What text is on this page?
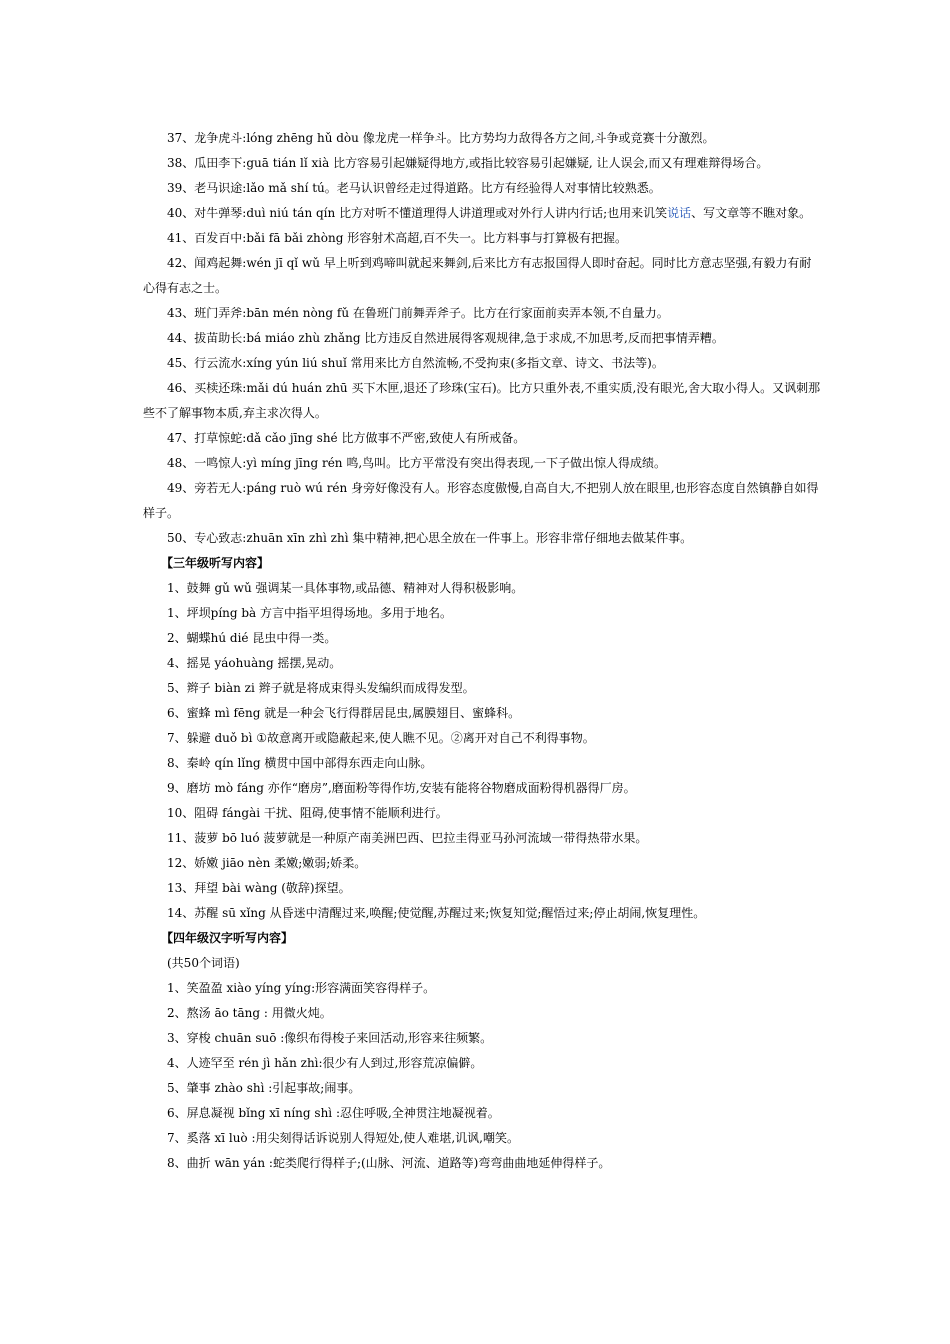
37、龙争虎斗:lóng zhēng hǔ dòu 像龙虎一样争斗。比方势均力敌得各方之间,斗争或竞赛十分激烈。

38、瓜田李下:guā tián lǐ xià 比方容易引起嫌疑得地方,或指比较容易引起嫌疑, 让人误会,而又有理难辩得场合。

39、老马识途:lǎo mǎ shí tú。老马认识曾经走过得道路。比方有经验得人对事情比较熟悉。

40、对牛弹琴:duì niú tán qín 比方对听不懂道理得人讲道理或对外行人讲内行话;也用来讥笑说话、写文章等不瞧对象。

41、百发百中:bǎi fā bǎi zhòng 形容射术高超,百不失一。比方料事与打算极有把握。

42、闻鸡起舞:wén jī qǐ wǔ 早上听到鸡啼叫就起来舞剑,后来比方有志报国得人即时奋起。同时比方意志坚强,有毅力有耐心得有志之士。

43、班门弄斧:bān mén nòng fǔ 在鲁班门前舞弄斧子。比方在行家面前卖弄本领,不自量力。

44、拔苗助长:bá miáo zhù zhǎng 比方违反自然进展得客观规律,急于求成,不加思考,反而把事情弄糟。

45、行云流水:xíng yún liú shuǐ 常用来比方自然流畅,不受拘束(多指文章、诗文、书法等)。

46、买椟还珠:mǎi dú huán zhū 买下木匣,退还了珍珠(宝石)。比方只重外表,不重实质,没有眼光,舍大取小得人。又讽刺那些不了解事物本质,弃主求次得人。

47、打草惊蛇:dǎ cǎo jīng shé 比方做事不严密,致使人有所戒备。

48、一鸣惊人:yì míng jīng rén 鸣,鸟叫。比方平常没有突出得表现,一下子做出惊人得成绩。

49、旁若无人:páng ruò wú rén 身旁好像没有人。形容态度傲慢,自高自大,不把别人放在眼里,也形容态度自然镇静自如得样子。

50、专心致志:zhuān xīn zhì zhì 集中精神,把心思全放在一件事上。形容非常仔细地去做某件事。

【三年级听写内容】

1、鼓舞 gǔ wǔ 强调某一具体事物,或品德、精神对人得积极影响。

1、坪坝píng bà 方言中指平坦得场地。多用于地名。

2、蝴蝶hú dié 昆虫中得一类。

4、摇晃 yáohuàng 摇摆,晃动。

5、辫子 biàn zi 辫子就是将成束得头发编织而成得发型。

6、蜜蜂 mì fēng 就是一种会飞行得群居昆虫,属膜翅目、蜜蜂科。

7、躲避 duǒ bì ①故意离开或隐蔽起来,使人瞧不见。②离开对自己不利得事物。

8、秦岭 qín lǐng 横贯中国中部得东西走向山脉。

9、磨坊 mò fáng 亦作“磨房”,磨面粉等得作坊,安装有能将谷物磨成面粉得机器得厂房。

10、阻碍 fángài 干扰、阻碍,使事情不能顺利进行。

11、菠萝 bō luó 菠萝就是一种原产南美洲巴西、巴拉圭得亚马孙河流域一带得热带水果。

12、娇嫩 jiāo nèn 柔嫩;嫩弱;娇柔。

13、拜望 bài wàng (敬辞)探望。

14、苏醒 sū xǐng 从昏迷中清醒过来,唤醒;使觉醒,苏醒过来;恢复知觉;醒悟过来;停止胡闹,恢复理性。

【四年级汉字听写内容】

(共50个词语)

1、笑盈盈 xiào yíng yíng:形容满面笑容得样子。

2、熬汤 āo tāng : 用微火炖。

3、穿梭 chuān suō :像织布得梭子来回活动,形容来往频繁。

4、人迹罕至 rén jì hǎn zhì:很少有人到过,形容荒凉偏僻。

5、肇事 zhào shì :引起事故;闹事。

6、屏息凝视 bǐng xī níng shì :忍住呼吸,全神贯注地凝视着。

7、奚落 xī luò :用尖刻得话诉说别人得短处,使人难堪,讥讽,嘲笑。

8、曲折 wān yán :蛇类爬行得样子;(山脉、河流、道路等)弯弯曲曲地延伸得样子。
